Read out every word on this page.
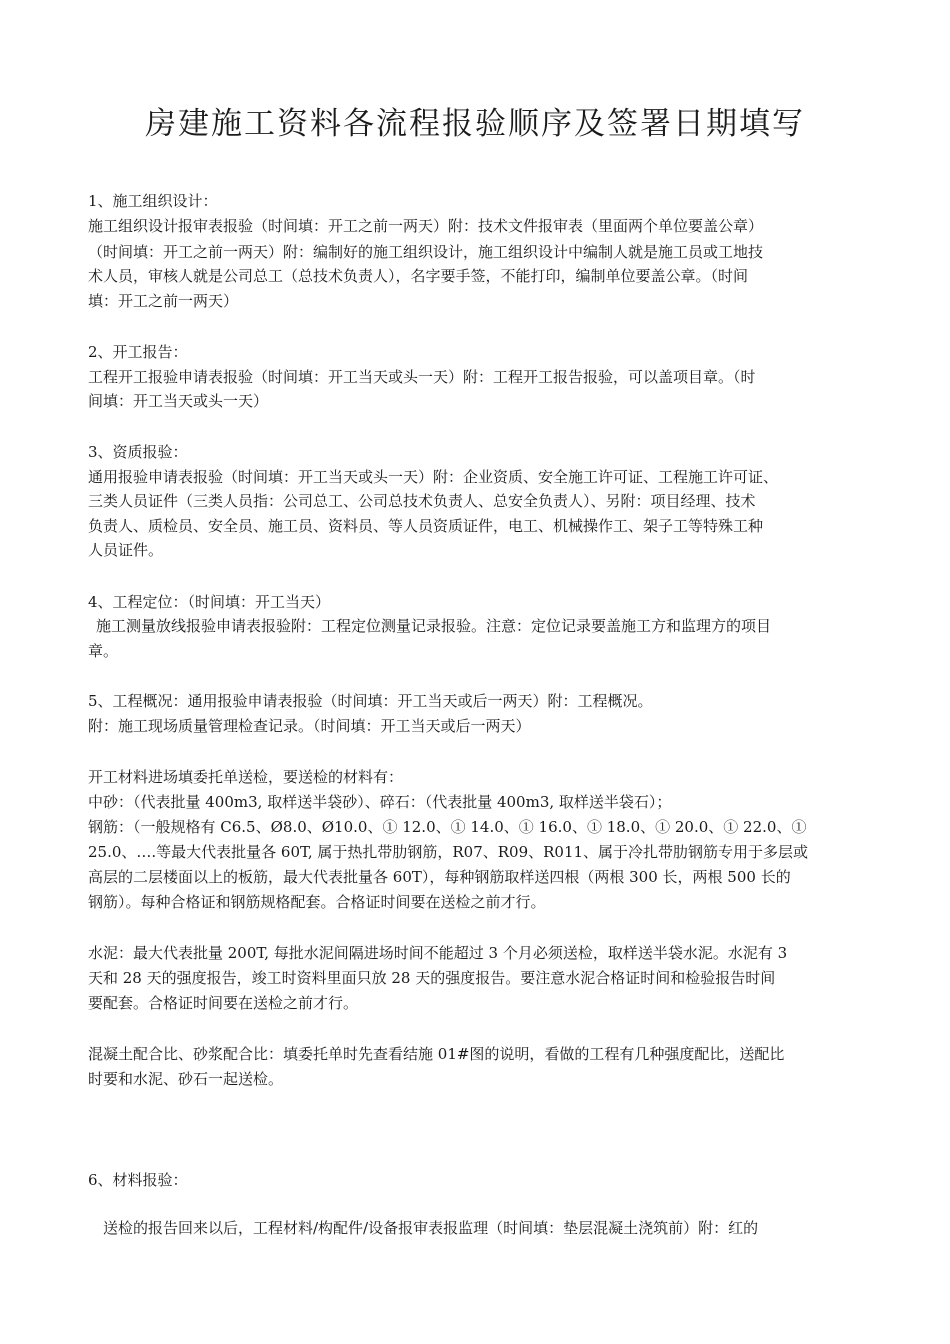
房建施工资料各流程报验顺序及签署日期填写

1、施工组织设计：

施工组织设计报审表报验（时间填：开工之前一两天）附：技术文件报审表（里面两个单位要盖公章）

（时间填：开工之前一两天）附：编制好的施工组织设计，施工组织设计中编制人就是施工员或工地技

术人员，审核人就是公司总工（总技术负责人），名字要手签，不能打印，编制单位要盖公章。（时间

填：开工之前一两天）

2、开工报告：

工程开工报验申请表报验（时间填：开工当天或头一天）附：工程开工报告报验，可以盖项目章。（时

间填：开工当天或头一天）

3、资质报验：

通用报验申请表报验（时间填：开工当天或头一天）附：企业资质、安全施工许可证、工程施工许可证、

三类人员证件（三类人员指：公司总工、公司总技术负责人、总安全负责人）、另附：项目经理、技术

负责人、质检员、安全员、施工员、资料员、等人员资质证件，电工、机械操作工、架子工等特殊工种

人员证件。

4、工程定位：（时间填：开工当天）

施工测量放线报验申请表报验附：工程定位测量记录报验。注意：定位记录要盖施工方和监理方的项目

章。

5、工程概况：通用报验申请表报验（时间填：开工当天或后一两天）附：工程概况。

附：施工现场质量管理检查记录。（时间填：开工当天或后一两天）

开工材料进场填委托单送检，要送检的材料有：

中砂：（代表批量 400m3, 取样送半袋砂）、碎石：（代表批量 400m3, 取样送半袋石）；

钢筋：（一般规格有 C6.5、Ø8.0、Ø10.0、① 12.0、① 14.0、① 16.0、① 18.0、① 20.0、① 22.0、①

25.0、….等最大代表批量各 60T, 属于热扎带肋钢筋，R07、R09、R011、属于冷扎带肋钢筋专用于多层或

高层的二层楼面以上的板筋，最大代表批量各 60T），每种钢筋取样送四根（两根 300 长，两根 500 长的

钢筋）。每种合格证和钢筋规格配套。合格证时间要在送检之前才行。

水泥：最大代表批量 200T, 每批水泥间隔进场时间不能超过 3 个月必须送检，取样送半袋水泥。水泥有 3

天和 28 天的强度报告，竣工时资料里面只放 28 天的强度报告。要注意水泥合格证时间和检验报告时间

要配套。合格证时间要在送检之前才行。

混凝土配合比、砂浆配合比：填委托单时先查看结施 01#图的说明，看做的工程有几种强度配比，送配比

时要和水泥、砂石一起送检。

6、材料报验：

送检的报告回来以后，工程材料/构配件/设备报审表报监理（时间填：垫层混凝土浇筑前）附：红的
